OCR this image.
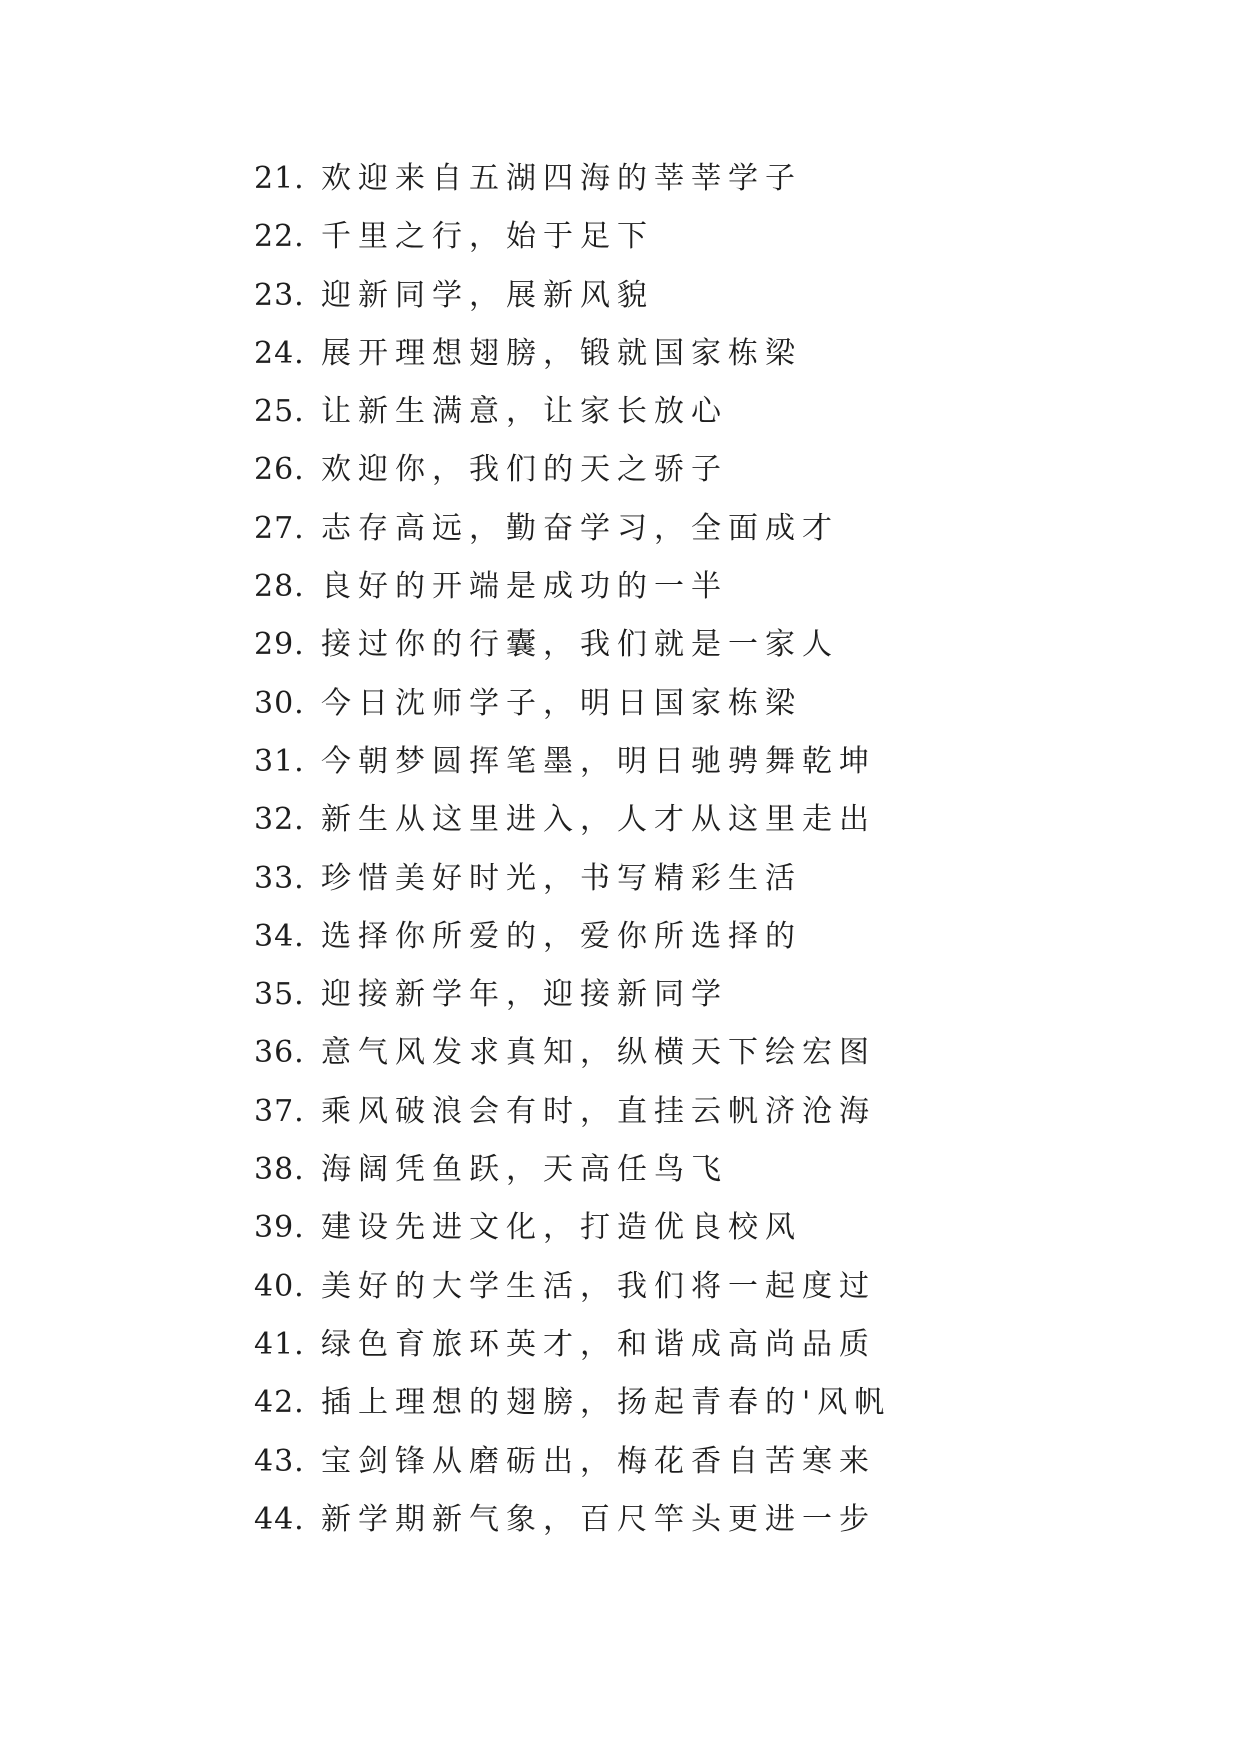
21. 欢迎来自五湖四海的莘莘学子
22. 千里之行，始于足下
23. 迎新同学，展新风貌
24. 展开理想翅膀，锻就国家栋梁
25. 让新生满意，让家长放心
26. 欢迎你，我们的天之骄子
27. 志存高远，勤奋学习，全面成才
28. 良好的开端是成功的一半
29. 接过你的行囊，我们就是一家人
30. 今日沈师学子，明日国家栋梁
31. 今朝梦圆挥笔墨，明日驰骋舞乾坤
32. 新生从这里进入，人才从这里走出
33. 珍惜美好时光，书写精彩生活
34. 选择你所爱的，爱你所选择的
35. 迎接新学年，迎接新同学
36. 意气风发求真知，纵横天下绘宏图
37. 乘风破浪会有时，直挂云帆济沧海
38. 海阔凭鱼跃，天高任鸟飞
39. 建设先进文化，打造优良校风
40. 美好的大学生活，我们将一起度过
41. 绿色育旅环英才，和谐成高尚品质
42. 插上理想的翅膀，扬起青春的'风帆
43. 宝剑锋从磨砺出，梅花香自苦寒来
44. 新学期新气象，百尺竿头更进一步
